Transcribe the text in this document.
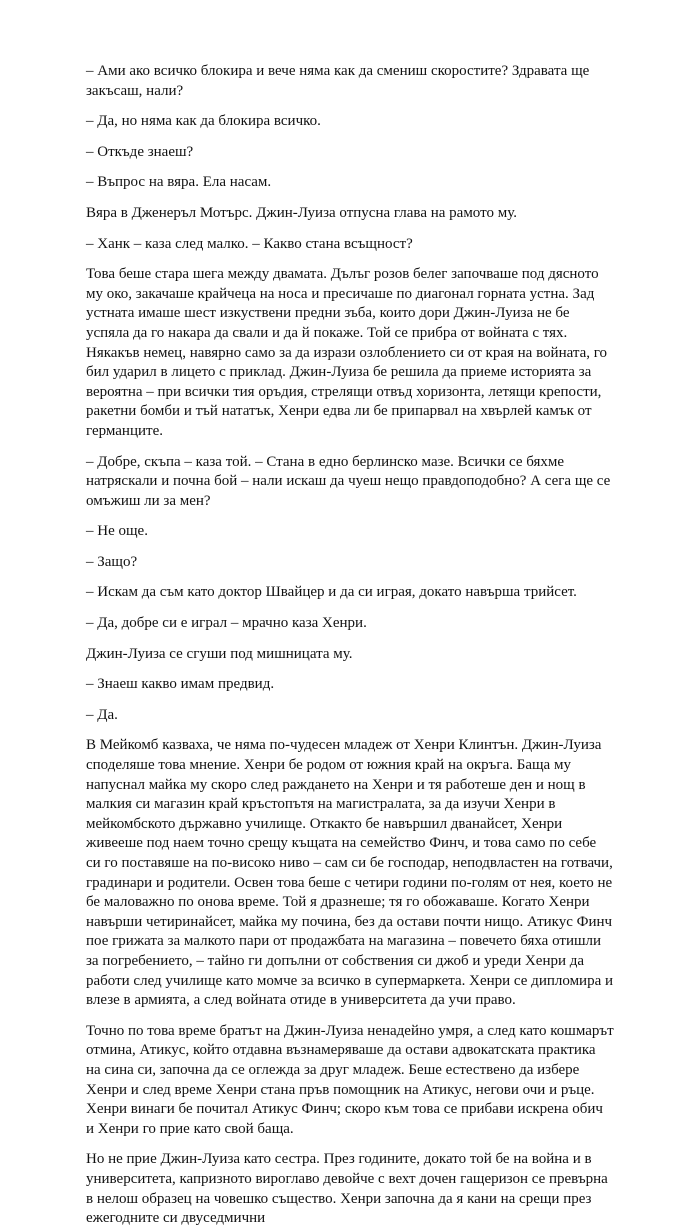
– Ами ако всичко блокира и вече няма как да смениш скоростите? Здравата ще закъсаш, нали?

– Да, но няма как да блокира всичко.

– Откъде знаеш?

– Въпрос на вяра. Ела насам.

Вяра в Дженеръл Мотърс. Джин-Луиза отпусна глава на рамото му.

– Ханк – каза след малко. – Какво стана всъщност?

Това беше стара шега между двамата. Дълъг розов белег започваше под дясното му око, закачаше крайчеца на носа и пресичаше по диагонал горната устна. Зад устната имаше шест изкуствени предни зъба, които дори Джин-Луиза не бе успяла да го накара да свали и да й покаже. Той се прибра от войната с тях. Някакъв немец, навярно само за да изрази озлоблението си от края на войната, го бил ударил в лицето с приклад. Джин-Луиза бе решила да приеме историята за вероятна – при всички тия оръдия, стрелящи отвъд хоризонта, летящи крепости, ракетни бомби и тъй нататък, Хенри едва ли бе припарвал на хвърлей камък от германците.

– Добре, скъпа – каза той. – Стана в едно берлинско мазе. Всички се бяхме натряскали и почна бой – нали искаш да чуеш нещо правдоподобно? А сега ще се омъжиш ли за мен?

– Не още.

– Защо?

– Искам да съм като доктор Швайцер и да си играя, докато навърша трийсет.

– Да, добре си е играл – мрачно каза Хенри.

Джин-Луиза се сгуши под мишницата му.

– Знаеш какво имам предвид.

– Да.

В Мейкомб казваха, че няма по-чудесен младеж от Хенри Клинтън. Джин-Луиза споделяше това мнение. Хенри бе родом от южния край на окръга. Баща му напуснал майка му скоро след раждането на Хенри и тя работеше ден и нощ в малкия си магазин край кръстопътя на магистралата, за да изучи Хенри в мейкомбското държавно училище. Откакто бе навършил дванайсет, Хенри живееше под наем точно срещу къщата на семейство Финч, и това само по себе си го поставяше на по-високо ниво – сам си бе господар, неподвластен на готвачи, градинари и родители. Освен това беше с четири години по-голям от нея, което не бе маловажно по онова време. Той я дразнеше; тя го обожаваше. Когато Хенри навърши четиринайсет, майка му почина, без да остави почти нищо. Атикус Финч пое грижата за малкото пари от продажбата на магазина – повечето бяха отишли за погребението, – тайно ги допълни от собствения си джоб и уреди Хенри да работи след училище като момче за всичко в супермаркета. Хенри се дипломира и влезе в армията, а след войната отиде в университета да учи право.

Точно по това време братът на Джин-Луиза ненадейно умря, а след като кошмарът отмина, Атикус, който отдавна възнамеряваше да остави адвокатската практика на сина си, започна да се оглежда за друг младеж. Беше естествено да избере Хенри и след време Хенри стана пръв помощник на Атикус, негови очи и ръце. Хенри винаги бе почитал Атикус Финч; скоро към това се прибави искрена обич и Хенри го прие като свой баща.

Но не прие Джин-Луиза като сестра. През годините, докато той бе на война и в университета, капризното вироглаво девойче с вехт дочен гащеризон се превърна в нелош образец на човешко същество. Хенри започна да я кани на срещи през ежегодните си двуседмични
